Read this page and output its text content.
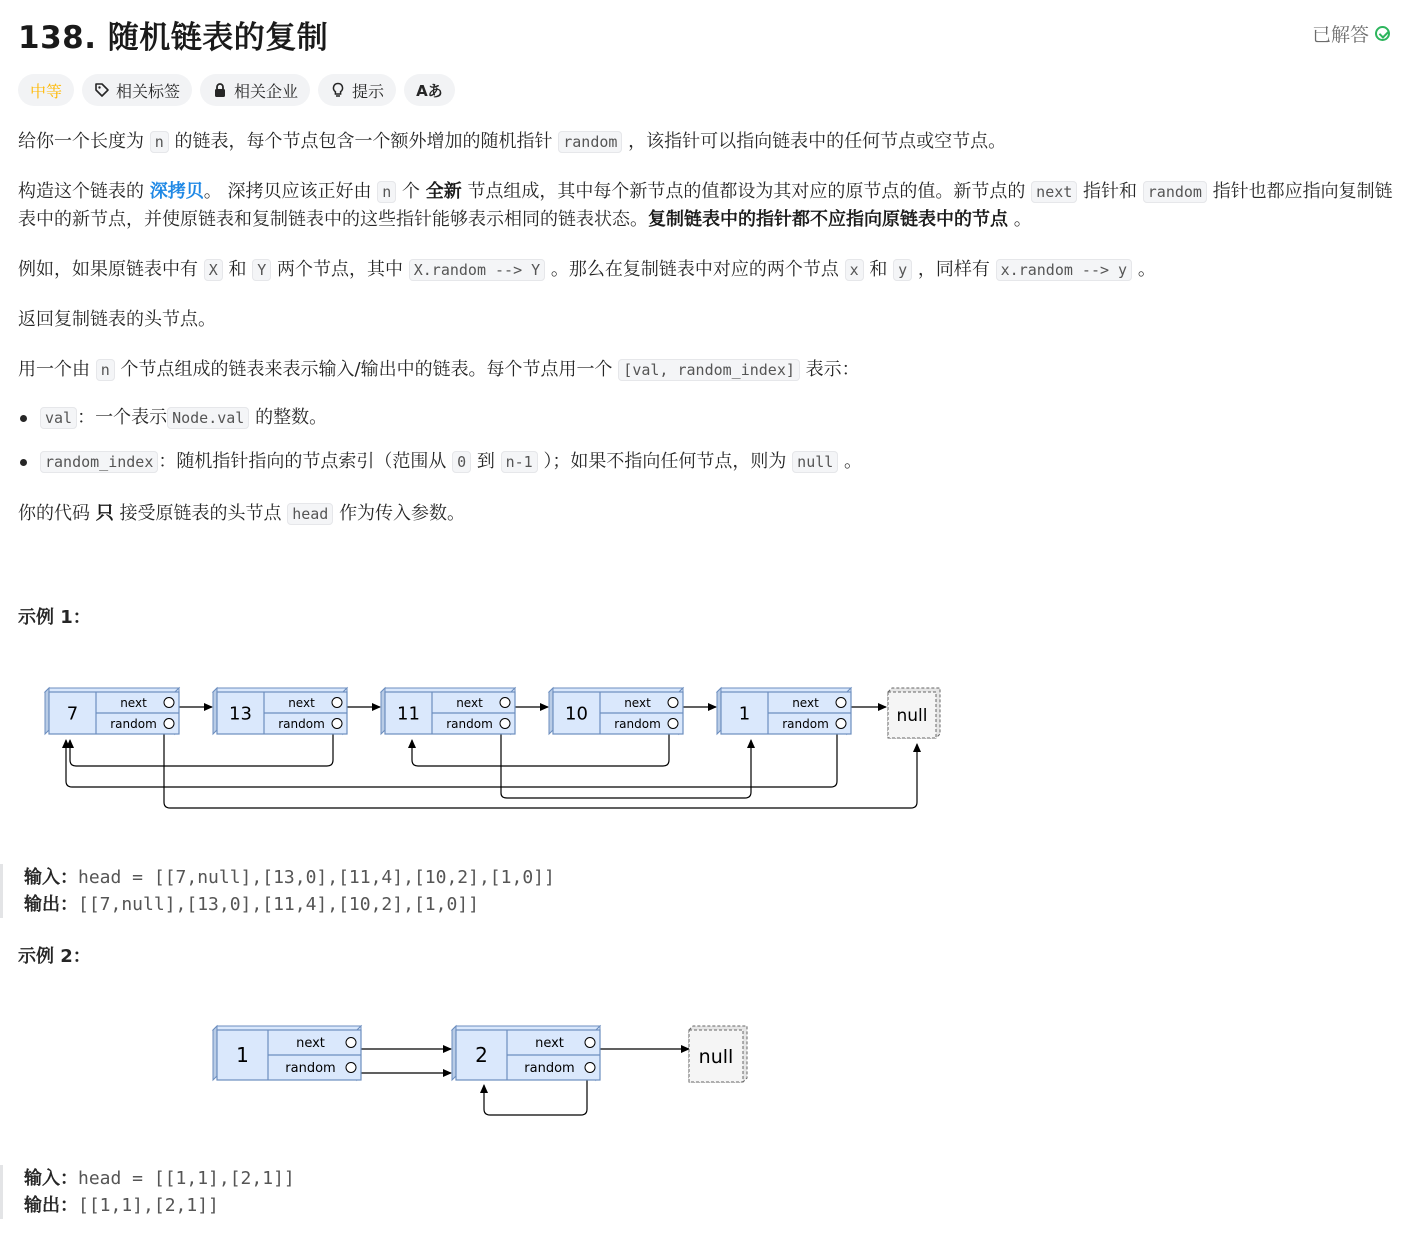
138. 随机链表的复制	已解答
中等	相关标签	相关企业	提示 Aあ

给你一个长度为 n 的链表，每个节点包含一个额外增加的随机指针 random ，该指针可以指向链表中的任何节点或空节点。

构造这个链表的 深拷贝。 深拷贝应该正好由 n 个 全新 节点组成，其中每个新节点的值都设为其对应的原节点的值。新节点的 next 指针和 random 指针也都应指向复制链表中的新节点，并使原链表和复制链表中的这些指针能够表示相同的链表状态。复制链表中的指针都不应指向原链表中的节点 。

例如，如果原链表中有 X 和 Y 两个节点，其中 X.random --> Y 。那么在复制链表中对应的两个节点 x 和 y ，同样有 x.random --> y 。

返回复制链表的头节点。

用一个由 n 个节点组成的链表来表示输入/输出中的链表。每个节点用一个 [val, random_index] 表示：

val ：一个表示 Node.val 的整数。
random_index ：随机指针指向的节点索引（范围从 0 到 n-1 ）；如果不指向任何节点，则为 null 。

你的代码 只 接受原链表的头节点 head 作为传入参数。

示例 1：
7
next
random	13
next
random	11
next
random	10
next
random	1
next
random	null
输入：head = [[7,null],[13,0],[11,4],[10,2],[1,0]]
输出：[[7,null],[13,0],[11,4],[10,2],[1,0]]
示例 2：
1	next
random
2	next
random
null
输入：head = [[1,1],[2,1]]
输出：[[1,1],[2,1]]
